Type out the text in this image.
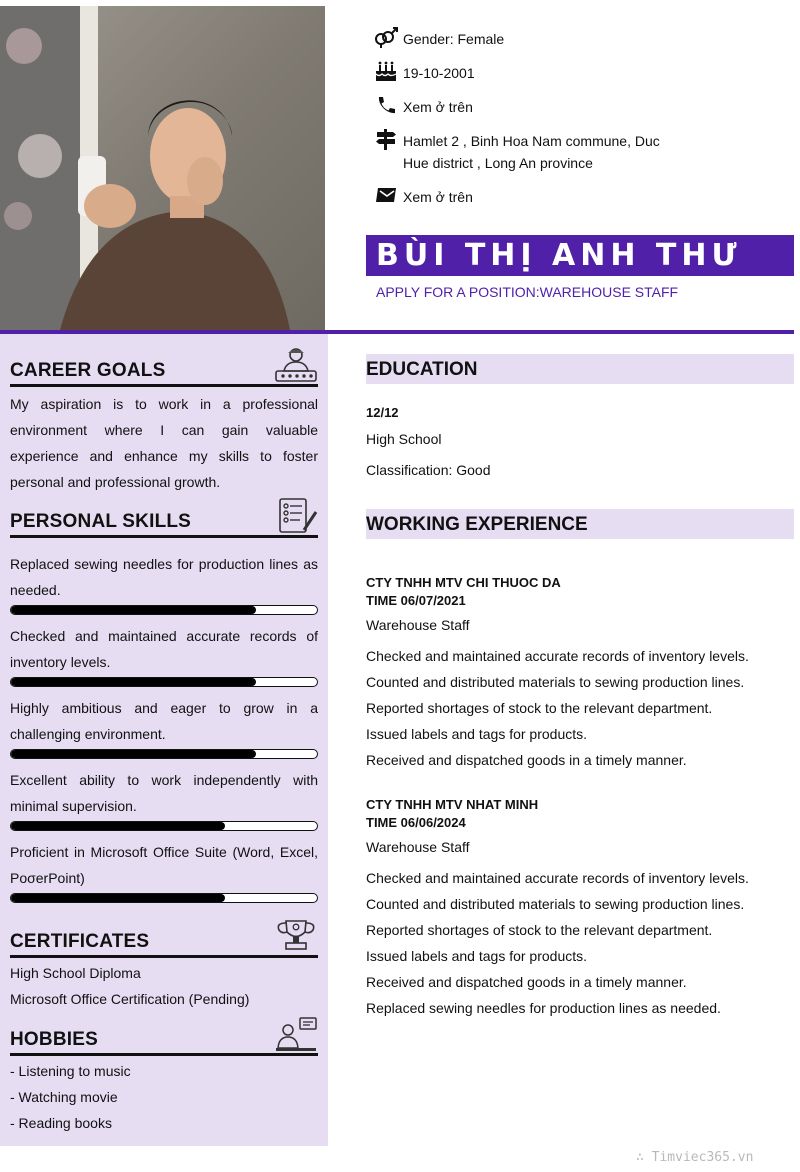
Gender: Female
19-10-2001
Xem ở trên
Hamlet 2 , Binh Hoa Nam commune, Duc Hue district , Long An province
Xem ở trên
BÙI THỊ ANH THƯ
APPLY FOR A POSITION:WAREHOUSE STAFF
CAREER GOALS
My aspiration is to work in a professional environment where I can gain valuable experience and enhance my skills to foster personal and professional growth.
PERSONAL SKILLS
Replaced sewing needles for production lines as needed.
Checked and maintained accurate records of inventory levels.
Highly ambitious and eager to grow in a challenging environment.
Excellent ability to work independently with minimal supervision.
Proficient in Microsoft Office Suite (Word, Excel, PoσerPoint)
CERTIFICATES
High School Diploma
Microsoft Office Certification (Pending)
HOBBIES
- Listening to music
- Watching movie
- Reading books
EDUCATION
12/12
High School
Classification: Good
WORKING EXPERIENCE
CTY TNHH MTV CHI THUOC DA
TIME 06/07/2021
Warehouse Staff
Checked and maintained accurate records of inventory levels.
Counted and distributed materials to sewing production lines.
Reported shortages of stock to the relevant department.
Issued labels and tags for products.
Received and dispatched goods in a timely manner.
CTY TNHH MTV NHAT MINH
TIME 06/06/2024
Warehouse Staff
Checked and maintained accurate records of inventory levels.
Counted and distributed materials to sewing production lines.
Reported shortages of stock to the relevant department.
Issued labels and tags for products.
Received and dispatched goods in a timely manner.
Replaced sewing needles for production lines as needed.
∴ Timviec365.vn
